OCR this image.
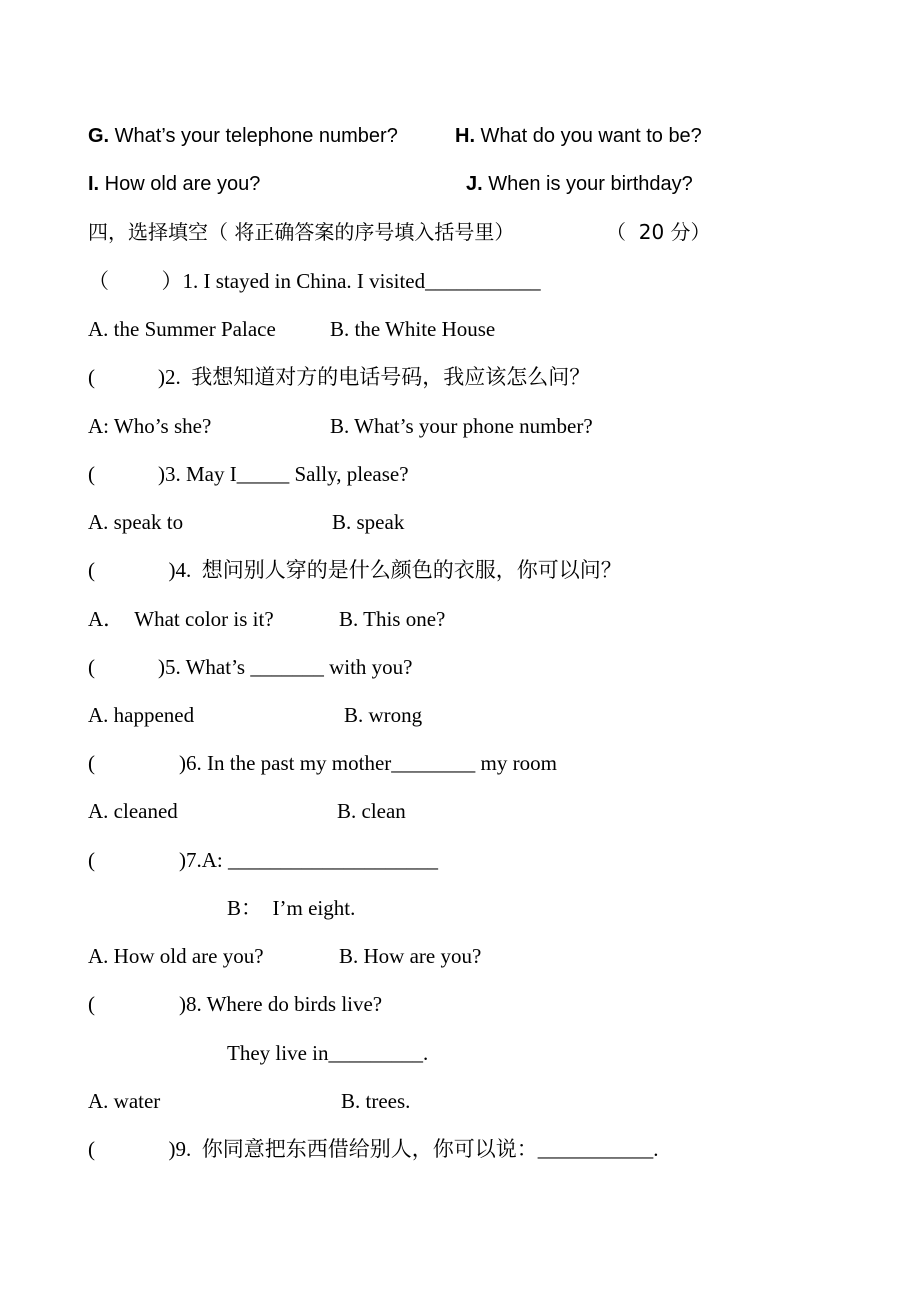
G. What’s your telephone number?	H. What do you want to be?
I. How old are you?	J. When is your birthday?
四，选择填空（ 将正确答案的序号填入括号里）	（  20 分）
（          ）1. I stayed in China. I visited___________
A. the Summer Palace	B. the White House
(            )2.  我想知道对方的电话号码，我应该怎么问？
A: Who’s she?	B. What’s your phone number?
(            )3. May I_____ Sally, please?
A. speak to	B. speak
(              )4.  想问别人穿的是什么颜色的衣服，你可以问？
A．  What color is it?	B. This one?
(            )5. What’s _______ with you?
A. happened	B. wrong
(                )6. In the past my mother________ my room
A. cleaned	B. clean
(                )7.A: ____________________
B：  I’m eight.
A. How old are you?	B. How are you?
(                )8. Where do birds live?
They live in_________.
A. water	B. trees.
(              )9.  你同意把东西借给别人，你可以说：___________.
